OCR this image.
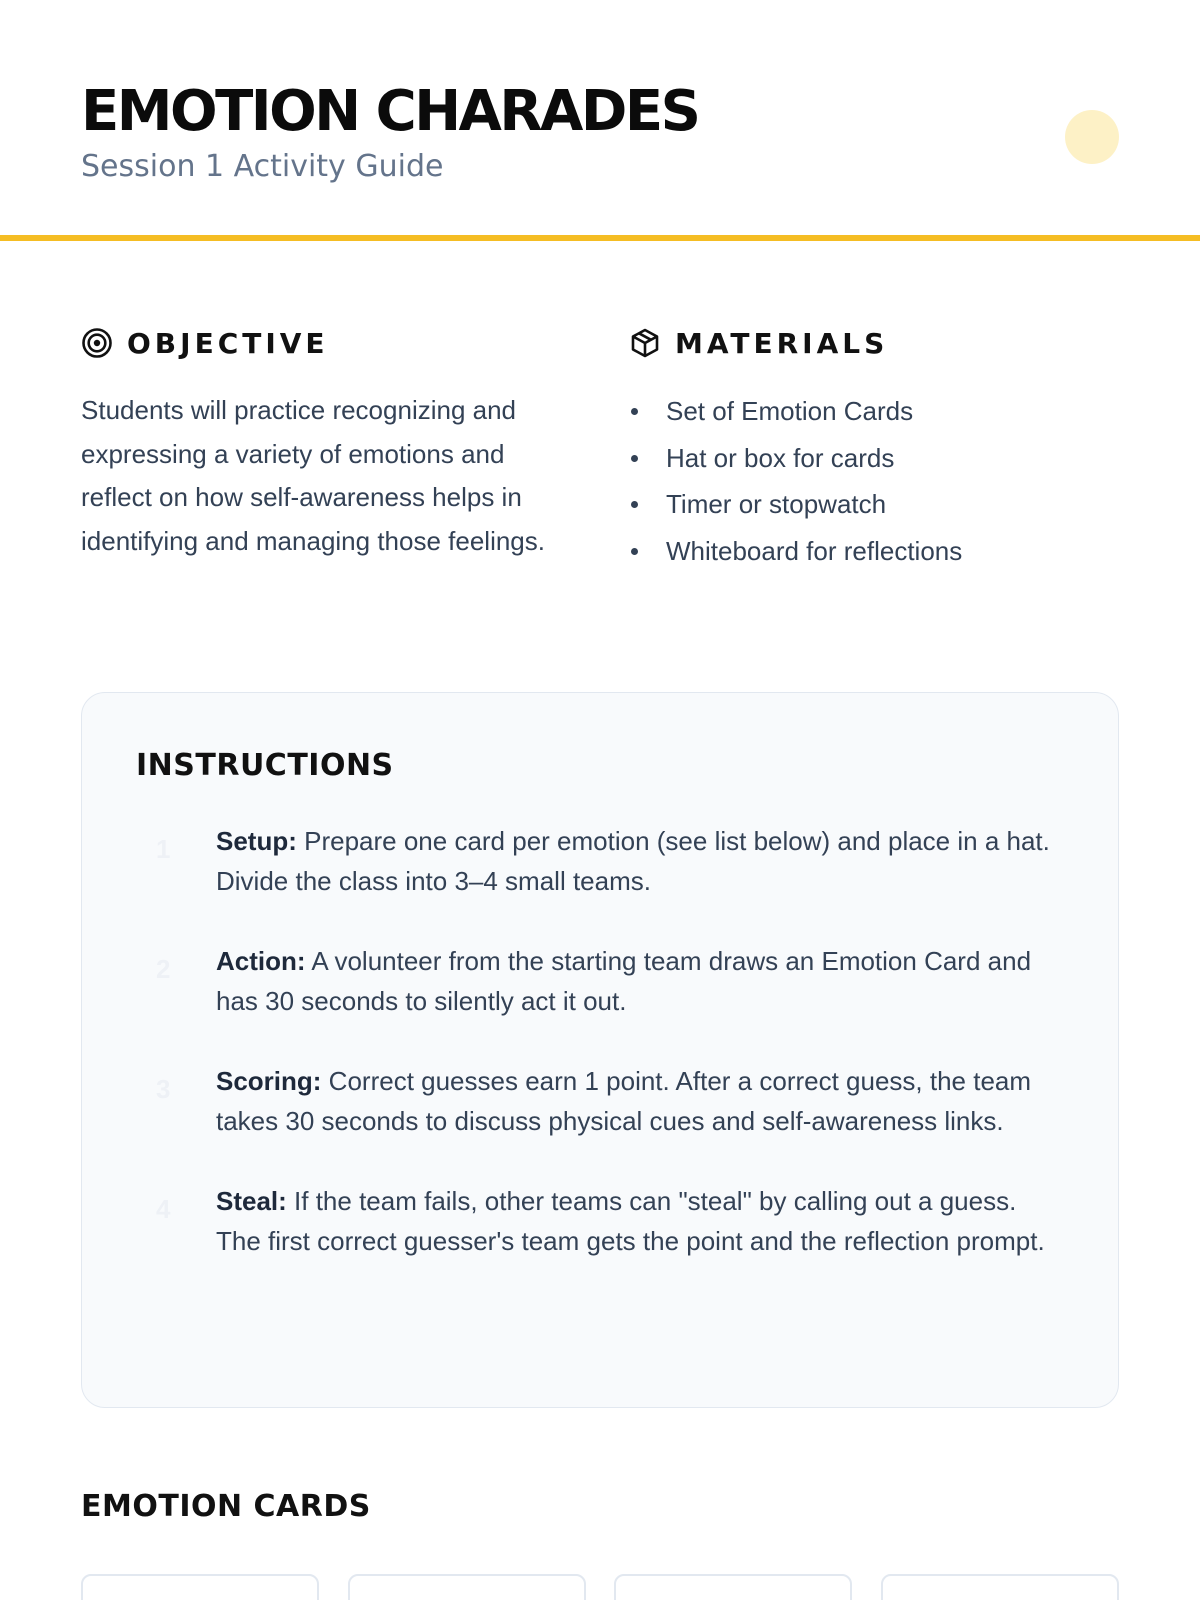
EMOTION CHARADES
Session 1 Activity Guide
OBJECTIVE

Students will practice recognizing and expressing a variety of emotions and reflect on how self-awareness helps in identifying and managing those feelings.

MATERIALS
Set of Emotion Cards
Hat or box for cards
Timer or stopwatch
Whiteboard for reflections
INSTRUCTIONS
1 Setup: Prepare one card per emotion (see list below) and place in a hat. Divide the class into 3–4 small teams.
2 Action: A volunteer from the starting team draws an Emotion Card and has 30 seconds to silently act it out.
3 Scoring: Correct guesses earn 1 point. After a correct guess, the team takes 30 seconds to discuss physical cues and self-awareness links.
4 Steal: If the team fails, other teams can "steal" by calling out a guess. The first correct guesser's team gets the point and the reflection prompt.
EMOTION CARDS
